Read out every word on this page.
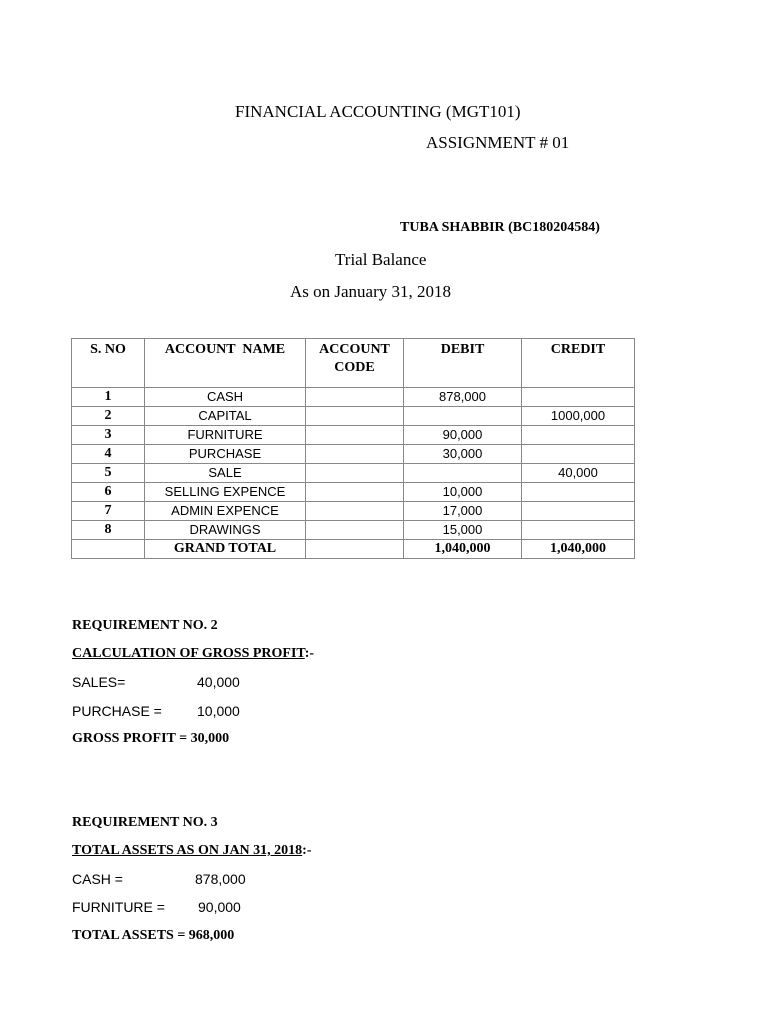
FINANCIAL ACCOUNTING (MGT101)
ASSIGNMENT # 01
TUBA SHABBIR (BC180204584)
Trial Balance
As on January 31, 2018
S. NO	ACCOUNT  NAME	ACCOUNT CODE	DEBIT	CREDIT
1	CASH		878,000	
2	CAPITAL			1000,000
3	FURNITURE		90,000	
4	PURCHASE		30,000	
5	SALE			40,000
6	SELLING EXPENCE		10,000	
7	ADMIN EXPENCE		17,000	
8	DRAWINGS		15,000	
	GRAND TOTAL		1,040,000	1,040,000
REQUIREMENT NO. 2
CALCULATION OF GROSS PROFIT:-
SALES=	40,000
PURCHASE =	10,000
GROSS PROFIT = 30,000
REQUIREMENT NO. 3
TOTAL ASSETS AS ON JAN 31, 2018:-
CASH =	878,000
FURNITURE = 90,000
TOTAL ASSETS = 968,000
